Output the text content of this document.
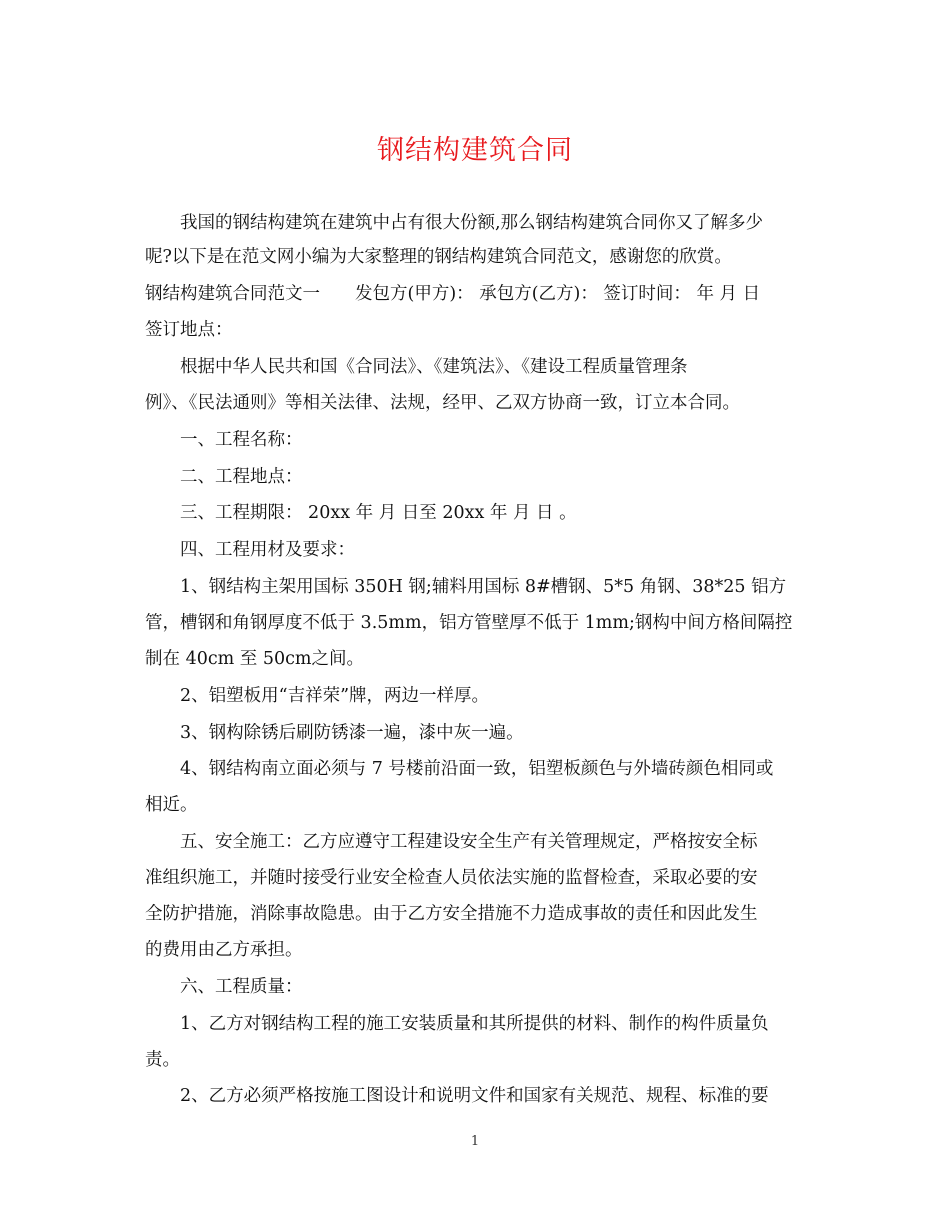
钢结构建筑合同
我国的钢结构建筑在建筑中占有很大份额,那么钢结构建筑合同你又了解多少
呢?以下是在范文网小编为大家整理的钢结构建筑合同范文，感谢您的欣赏。
钢结构建筑合同范文一　　发包方(甲方)： 承包方(乙方)： 签订时间： 年 月 日
签订地点：
根据中华人民共和国《合同法》、《建筑法》、《建设工程质量管理条
例》、《民法通则》等相关法律、法规，经甲、乙双方协商一致，订立本合同。
一、工程名称：
二、工程地点：
三、工程期限： 20xx 年 月 日至 20xx 年 月 日 。
四、工程用材及要求：
1、钢结构主架用国标 350H 钢;辅料用国标 8#槽钢、5*5 角钢、38*25 铝方
管，槽钢和角钢厚度不低于 3.5mm，铝方管壁厚不低于 1mm;钢构中间方格间隔控
制在 40cm 至 50cm之间。
2、铝塑板用“吉祥荣”牌，两边一样厚。
3、钢构除锈后刷防锈漆一遍，漆中灰一遍。
4、钢结构南立面必须与 7 号楼前沿面一致，铝塑板颜色与外墙砖颜色相同或
相近。
五、安全施工：乙方应遵守工程建设安全生产有关管理规定，严格按安全标
准组织施工，并随时接受行业安全检查人员依法实施的监督检查，采取必要的安
全防护措施，消除事故隐患。由于乙方安全措施不力造成事故的责任和因此发生
的费用由乙方承担。
六、工程质量：
1、乙方对钢结构工程的施工安装质量和其所提供的材料、制作的构件质量负
责。
2、乙方必须严格按施工图设计和说明文件和国家有关规范、规程、标准的要
1
